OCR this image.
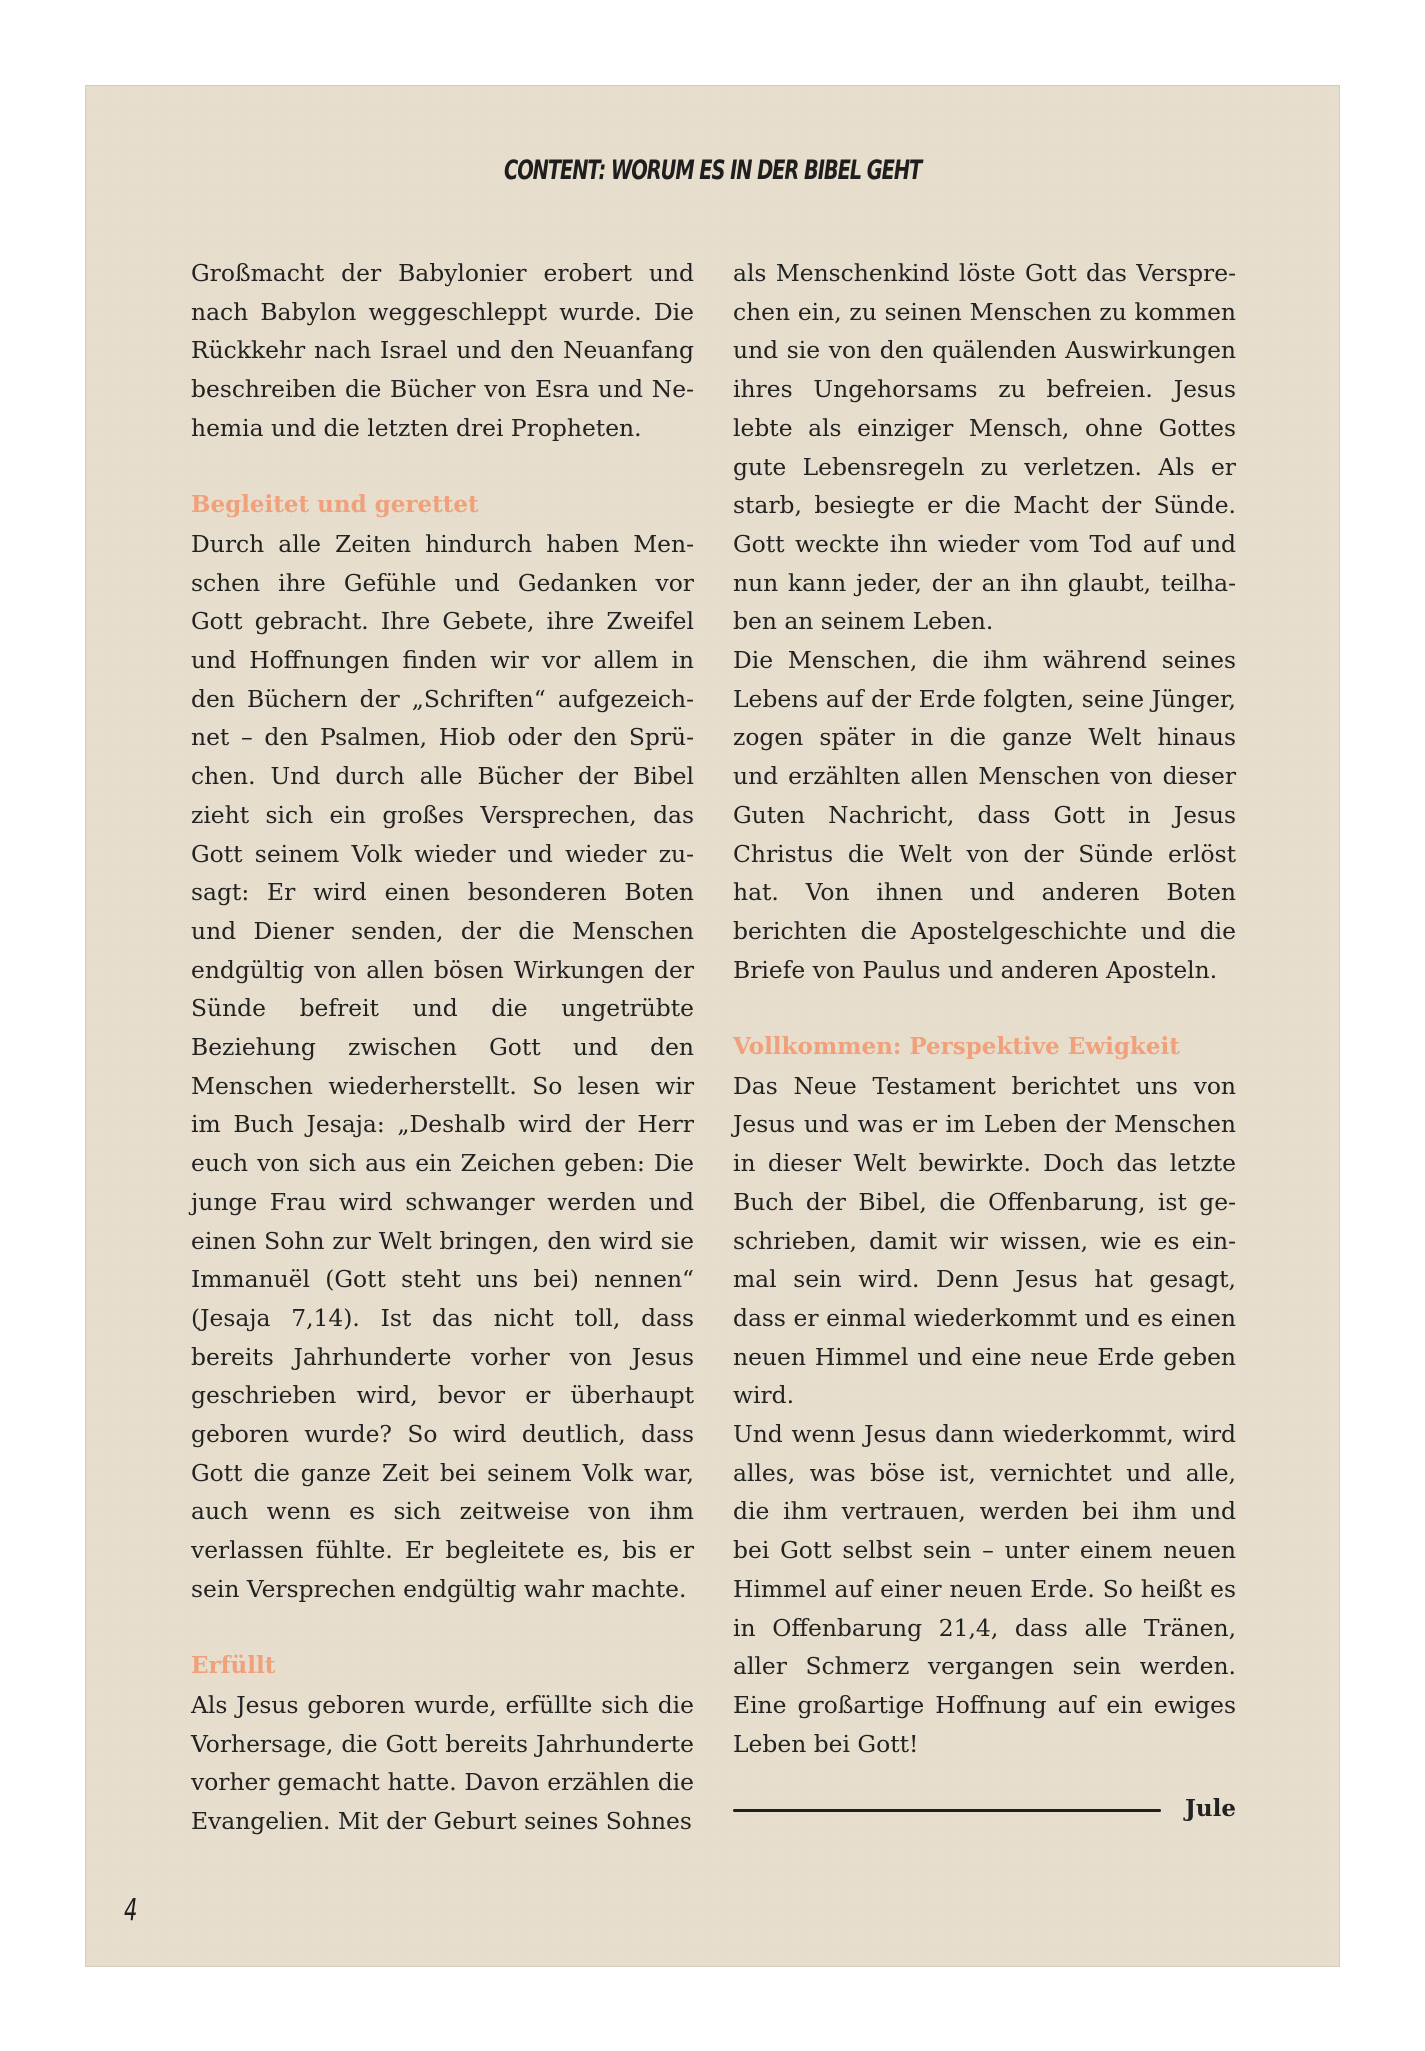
CONTENT: WORUM ES IN DER BIBEL GEHT

Großmacht der Babylonier erobert und nach Babylon weggeschleppt wurde. Die Rückkehr nach Israel und den Neuanfang beschreiben die Bücher von Esra und Nehemia und die letzten drei Propheten.

Begleitet und gerettet

Durch alle Zeiten hindurch haben Menschen ihre Gefühle und Gedanken vor Gott gebracht. Ihre Gebete, ihre Zweifel und Hoffnungen finden wir vor allem in den Büchern der „Schriften“ aufgezeichnet – den Psalmen, Hiob oder den Sprüchen. Und durch alle Bücher der Bibel zieht sich ein großes Versprechen, das Gott seinem Volk wieder und wieder zusagt: Er wird einen besonderen Boten und Diener senden, der die Menschen endgültig von allen bösen Wirkungen der Sünde befreit und die ungetrübte Beziehung zwischen Gott und den Menschen wiederherstellt. So lesen wir im Buch Jesaja: „Deshalb wird der Herr euch von sich aus ein Zeichen geben: Die junge Frau wird schwanger werden und einen Sohn zur Welt bringen, den wird sie Immanuël (Gott steht uns bei) nennen“ (Jesaja 7,14). Ist das nicht toll, dass bereits Jahrhunderte vorher von Jesus geschrieben wird, bevor er überhaupt geboren wurde? So wird deutlich, dass Gott die ganze Zeit bei seinem Volk war, auch wenn es sich zeitweise von ihm verlassen fühlte. Er begleitete es, bis er sein Versprechen endgültig wahr machte.

Erfüllt

Als Jesus geboren wurde, erfüllte sich die Vorhersage, die Gott bereits Jahrhunderte vorher gemacht hatte. Davon erzählen die Evangelien. Mit der Geburt seines Sohnes

als Menschenkind löste Gott das Versprechen ein, zu seinen Menschen zu kommen und sie von den quälenden Auswirkungen ihres Ungehorsams zu befreien. Jesus lebte als einziger Mensch, ohne Gottes gute Lebensregeln zu verletzen. Als er starb, besiegte er die Macht der Sünde. Gott weckte ihn wieder vom Tod auf und nun kann jeder, der an ihn glaubt, teilhaben an seinem Leben.

Die Menschen, die ihm während seines Lebens auf der Erde folgten, seine Jünger, zogen später in die ganze Welt hinaus und erzählten allen Menschen von dieser Guten Nachricht, dass Gott in Jesus Christus die Welt von der Sünde erlöst hat. Von ihnen und anderen Boten berichten die Apostelgeschichte und die Briefe von Paulus und anderen Aposteln.

Vollkommen: Perspektive Ewigkeit

Das Neue Testament berichtet uns von Jesus und was er im Leben der Menschen in dieser Welt bewirkte. Doch das letzte Buch der Bibel, die Offenbarung, ist geschrieben, damit wir wissen, wie es einmal sein wird. Denn Jesus hat gesagt, dass er einmal wiederkommt und es einen neuen Himmel und eine neue Erde geben wird.

Und wenn Jesus dann wiederkommt, wird alles, was böse ist, vernichtet und alle, die ihm vertrauen, werden bei ihm und bei Gott selbst sein – unter einem neuen Himmel auf einer neuen Erde. So heißt es in Offenbarung 21,4, dass alle Tränen, aller Schmerz vergangen sein werden. Eine großartige Hoffnung auf ein ewiges Leben bei Gott!

Jule
4
